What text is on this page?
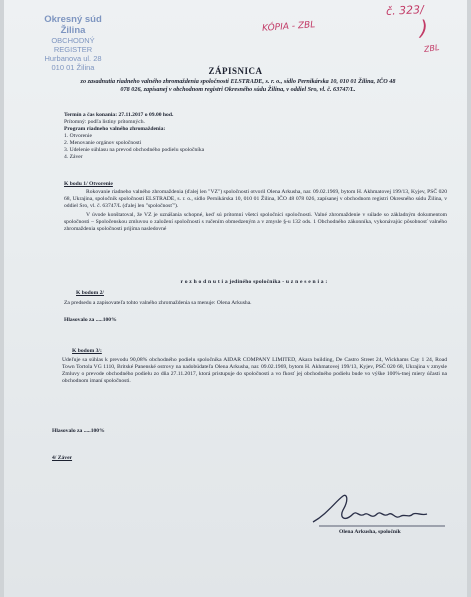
Okresný súd Žilina
OBCHODNÝ REGISTER
Hurbanova ul. 28
010 01 Žilina
KÓPIA - ZBL
č. 323/
ZBL
)
ZÁPISNICA
zo zasadnutia riadneho valného zhromaždenia spoločnosti ELSTRADE, s. r. o., sídlo Pernikárska 10, 010 01 Žilina, IČO 48 078 026, zapísanej v obchodnom registri Okresného súdu Žilina, v oddiel Sro, vl. č. 63747/L.

Termín a čas konania: 27.11.2017 o 09.00 hod.

Prítomný: podľa listiny prítomných.

Program riadneho valného zhromaždenia:

1. Otvorenie

2. Menovanie orgánov spoločnosti

3. Udelenie súhlasu na prevod obchodného podielu spoločníka

4. Záver

K bodu 1/ Otvorenie

Rokovanie riadneho valného zhromaždenia (ďalej len "VZ") spoločnosti otvoril Olena Arkusha, nar. 09.02.1969, bytom H. Akhmatovej 199/13, Kyjev, PSČ 020 68, Ukrajina, spoločník spoločnosti ELSTRADE, s. r. o., sídlo Pernikárska 10, 010 01 Žilina, IČO 48 078 026, zapísanej v obchodnom registri Okresného súdu Žilina, v oddiel Sro, vl. č. 63747/L (ďalej len "spoločnosť").

V úvode konštatoval, že VZ je uznášania schopné, keď sú prítomní všetci spoločníci spoločnosti. Valné zhromaždenie v súlade so základným dokumentom spoločnosti – Spoločenskou zmluvou o založení spoločnosti s ručením obmedzeným a v zmysle §-u 132 ods. 1 Obchodného zákonníka, vykonávajúc pôsobnosť valného zhromaždenia spoločnosti prijíma nasledovné

r o z h o d n u t i a jediného spoločníka - u z n e s e n i a :

K bodom 2/

Za predsedu a zapisovateľa tohto valného zhromaždenia sa menuje: Olena Arkusha.

Hlasovalo za .....100%

K bodom 3/:

Udeľuje sa súhlas k prevodu 90,08% obchodného podielu spoločníka AIDAR COMPANY LIMITED, Akara building, De Castro Street 24, Wickhams Cay 1 24, Road Town Tortola VG 1110, Britské Panenské ostrovy na nadobúdateľa Olena Arkusha, nar. 09.02.1969, bytom H. Akhmatovej 199/13, Kyjev, PSČ 020 68, Ukrajina v zmysle Zmluvy o prevode obchodného podielu zo dňa 27.11.2017, ktorá pristupuje do spoločnosti a vo fkosť jej obchodného podielu bude vo výške 100%-tnej miery účasti na obchodnom imaní spoločnosti.

Hlasovalo za .....100%
4/ Záver
Olena Arkusha, spoločník
